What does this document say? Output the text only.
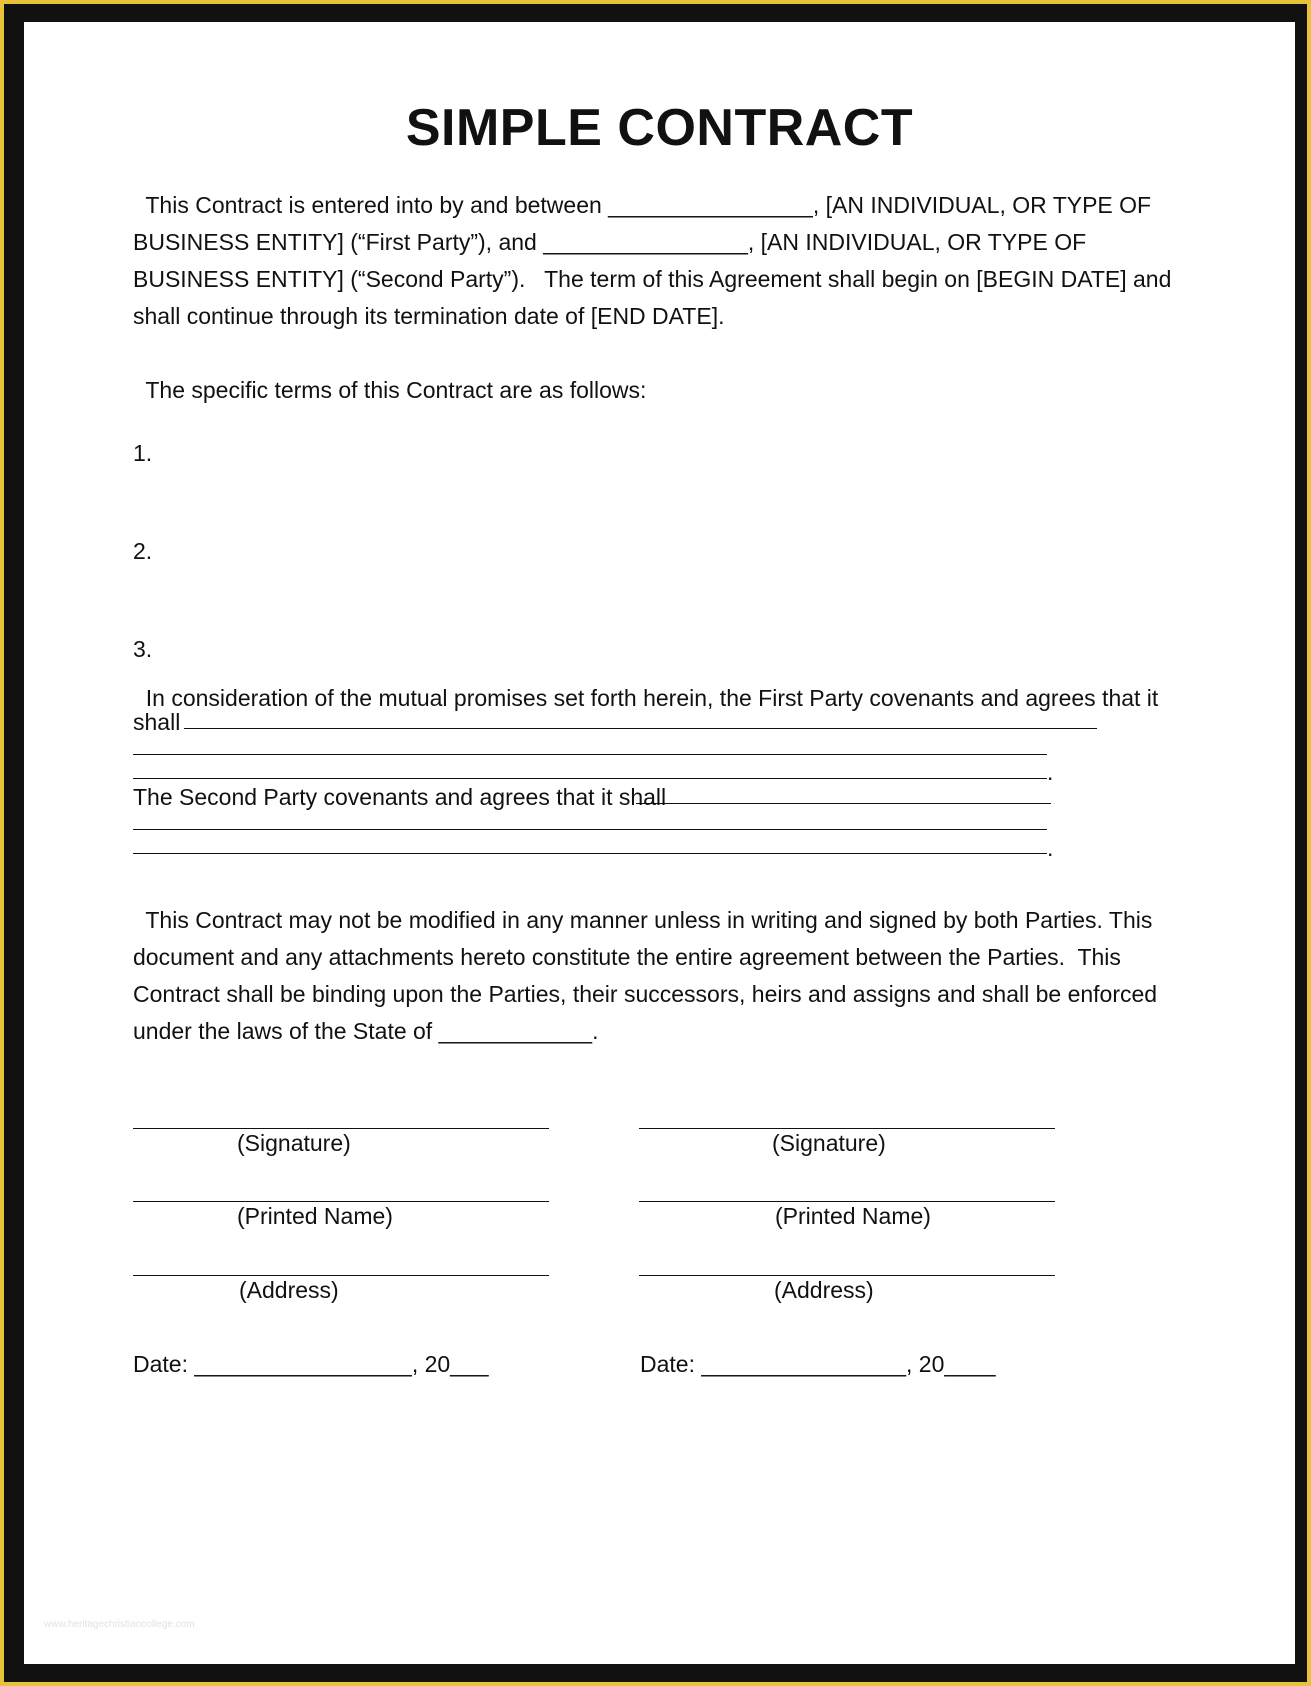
SIMPLE CONTRACT
This Contract is entered into by and between ________________, [AN INDIVIDUAL, OR TYPE OF
BUSINESS ENTITY] (“First Party”), and ________________, [AN INDIVIDUAL, OR TYPE OF
BUSINESS ENTITY] (“Second Party”).   The term of this Agreement shall begin on [BEGIN DATE] and
shall continue through its termination date of [END DATE].
The specific terms of this Contract are as follows:
1.
2.
3.
In consideration of the mutual promises set forth herein, the First Party covenants and agrees that it
shall
.
The Second Party covenants and agrees that it shall
.
This Contract may not be modified in any manner unless in writing and signed by both Parties. This
document and any attachments hereto constitute the entire agreement between the Parties.  This
Contract shall be binding upon the Parties, their successors, heirs and assigns and shall be enforced
under the laws of the State of ____________.
(Signature)
(Printed Name)
(Address)
Date: _________________, 20___
(Signature)
(Printed Name)
(Address)
Date: ________________, 20____
www.heritagechristiancollege.com
